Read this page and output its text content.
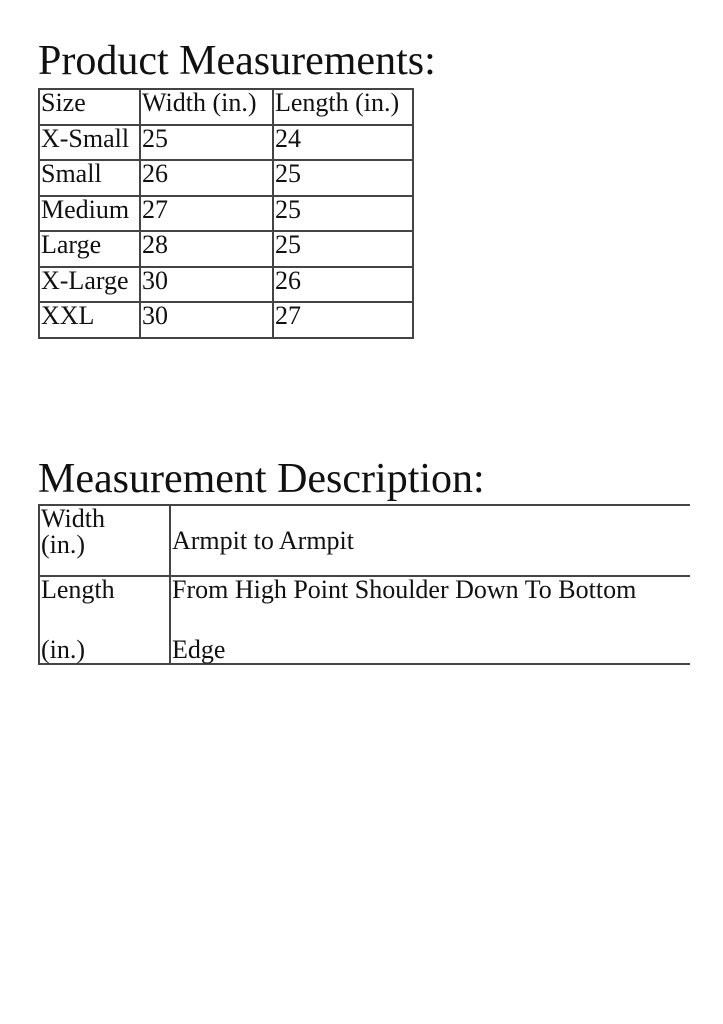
Product Measurements:
Size	Width (in.)	Length (in.)
X-Small	25	24
Small	26	25
Medium	27	25
Large	28	25
X-Large	30	26
XXL	30	27
Measurement Description:
Width
(in.)	Armpit to Armpit

Length
(in.)	From High Point Shoulder Down To Bottom
Edge
